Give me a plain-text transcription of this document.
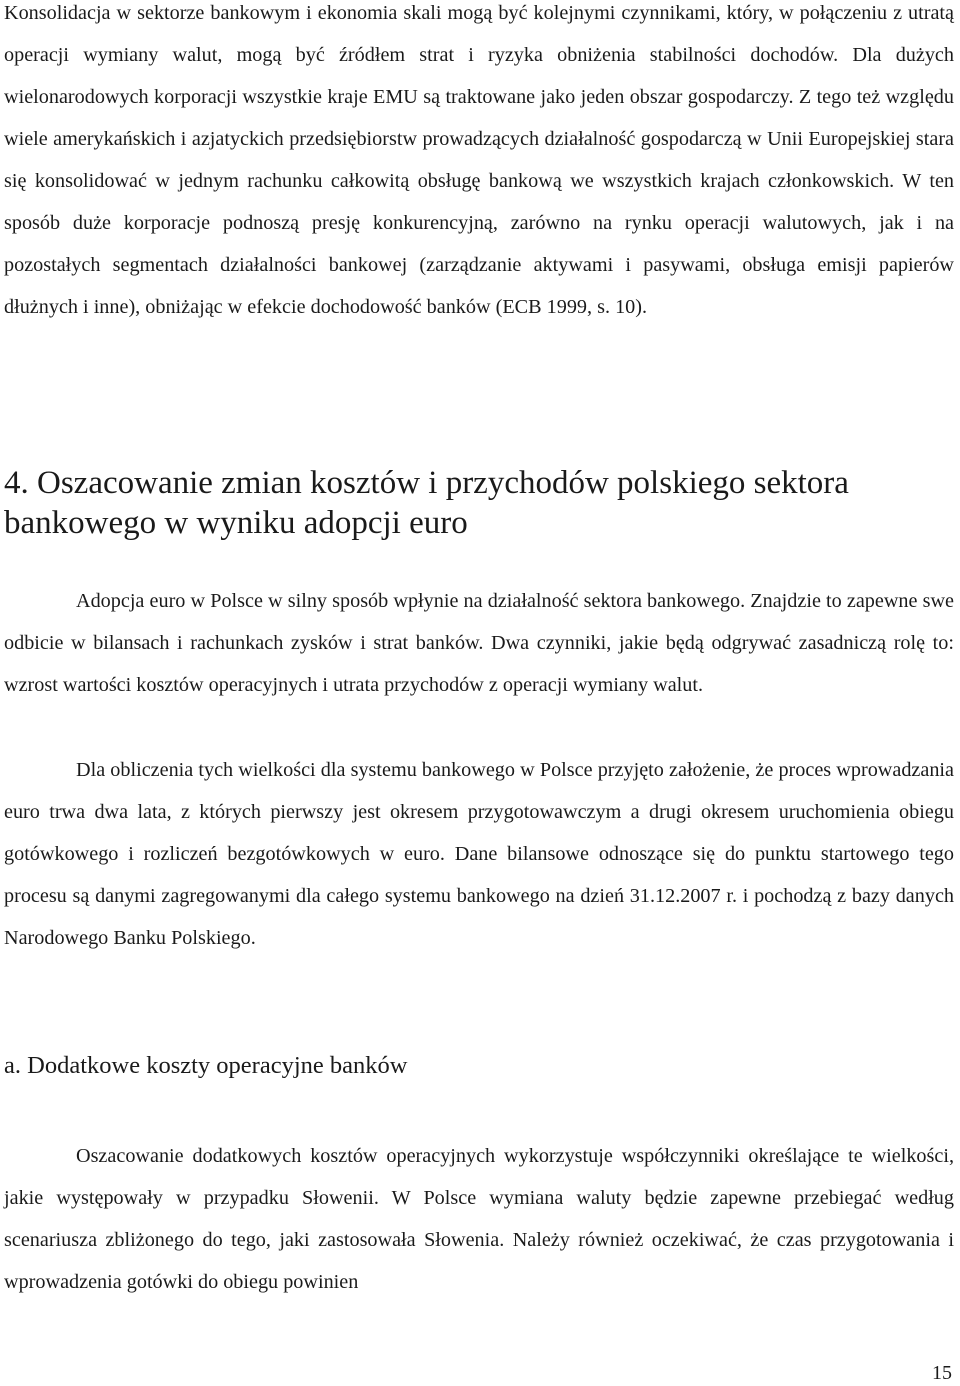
Konsolidacja w sektorze bankowym i ekonomia skali mogą być kolejnymi czynnikami, który, w połączeniu z utratą operacji wymiany walut, mogą być źródłem strat i ryzyka obniżenia stabilności dochodów. Dla dużych wielonarodowych korporacji wszystkie kraje EMU są traktowane jako jeden obszar gospodarczy. Z tego też względu wiele amerykańskich i azjatyckich przedsiębiorstw prowadzących działalność gospodarczą w Unii Europejskiej stara się konsolidować w jednym rachunku całkowitą obsługę bankową we wszystkich krajach członkowskich. W ten sposób duże korporacje podnoszą presję konkurencyjną, zarówno na rynku operacji walutowych, jak i na pozostałych segmentach działalności bankowej (zarządzanie aktywami i pasywami, obsługa emisji papierów dłużnych i inne), obniżając w efekcie dochodowość banków (ECB 1999, s. 10).

4. Oszacowanie zmian kosztów i przychodów polskiego sektora bankowego w wyniku adopcji euro

Adopcja euro w Polsce w silny sposób wpłynie na działalność sektora bankowego. Znajdzie to zapewne swe odbicie w bilansach i rachunkach zysków i strat banków. Dwa czynniki, jakie będą odgrywać zasadniczą rolę to: wzrost wartości kosztów operacyjnych i utrata przychodów z operacji wymiany walut.

Dla obliczenia tych wielkości dla systemu bankowego w Polsce przyjęto założenie, że proces wprowadzania euro trwa dwa lata, z których pierwszy jest okresem przygotowawczym a drugi okresem uruchomienia obiegu gotówkowego i rozliczeń bezgotówkowych w euro. Dane bilansowe odnoszące się do punktu startowego tego procesu są danymi zagregowanymi dla całego systemu bankowego na dzień 31.12.2007 r. i pochodzą z bazy danych Narodowego Banku Polskiego.

a. Dodatkowe koszty operacyjne banków

Oszacowanie dodatkowych kosztów operacyjnych wykorzystuje współczynniki określające te wielkości, jakie występowały w przypadku Słowenii. W Polsce wymiana waluty będzie zapewne przebiegać według scenariusza zbliżonego do tego, jaki zastosowała Słowenia. Należy również oczekiwać, że czas przygotowania i wprowadzenia gotówki do obiegu powinien

15
